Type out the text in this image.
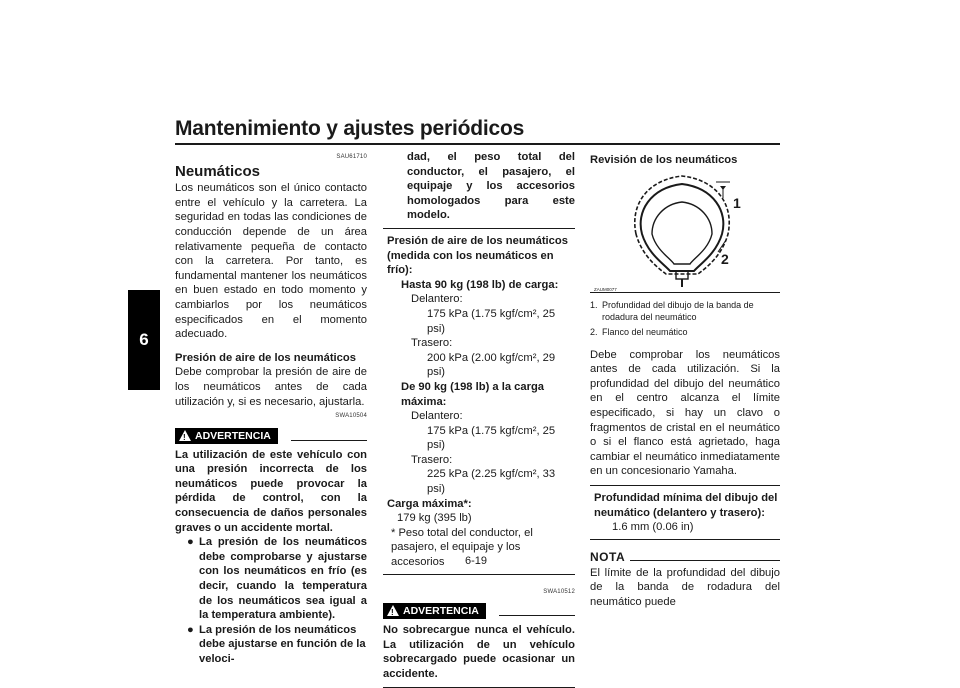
Mantenimiento y ajustes periódicos
6
SAU61710
Neumáticos

Los neumáticos son el único contacto entre el vehículo y la carretera. La seguridad en todas las condiciones de conducción depende de un área relativamente pequeña de contacto con la carretera. Por tanto, es fundamental mantener los neumáticos en buen estado en todo momento y cambiarlos por los neumáticos especificados en el momento adecuado.

Presión de aire de los neumáticos

Debe comprobar la presión de aire de los neumáticos antes de cada utilización y, si es necesario, ajustarla.

SWA10504
!ADVERTENCIA

La utilización de este vehículo con una presión incorrecta de los neumáticos puede provocar la pérdida de control, con la consecuencia de daños personales graves o un accidente mortal.

● La presión de los neumáticos debe comprobarse y ajustarse con los neumáticos en frío (es decir, cuando la temperatura de los neumáticos sea igual a la temperatura ambiente).
● La presión de los neumáticos debe ajustarse en función de la veloci-
dad, el peso total del conductor, el pasajero, el equipaje y los accesorios homologados para este modelo.
Presión de aire de los neumáticos (medida con los neumáticos en frío):
Hasta 90 kg (198 lb) de carga:
Delantero:
175 kPa (1.75 kgf/cm², 25 psi)
Trasero:
200 kPa (2.00 kgf/cm², 29 psi)
De 90 kg (198 lb) a la carga máxima:
Delantero:
175 kPa (1.75 kgf/cm², 25 psi)
Trasero:
225 kPa (2.25 kgf/cm², 33 psi)
Carga máxima*:
179 kg (395 lb)
* Peso total del conductor, el pasajero, el equipaje y los accesorios
SWA10512
!ADVERTENCIA

No sobrecargue nunca el vehículo. La utilización de un vehículo sobrecargado puede ocasionar un accidente.

Revisión de los neumáticos
1
2
ZAUM0077
1. Profundidad del dibujo de la banda de rodadura del neumático
2. Flanco del neumático

Debe comprobar los neumáticos antes de cada utilización. Si la profundidad del dibujo del neumático en el centro alcanza el límite especificado, si hay un clavo o fragmentos de cristal en el neumático o si el flanco está agrietado, haga cambiar el neumático inmediatamente en un concesionario Yamaha.

Profundidad mínima del dibujo del neumático (delantero y trasero):
1.6 mm (0.06 in)
NOTA

El límite de la profundidad del dibujo de la banda de rodadura del neumático puede

6-19
